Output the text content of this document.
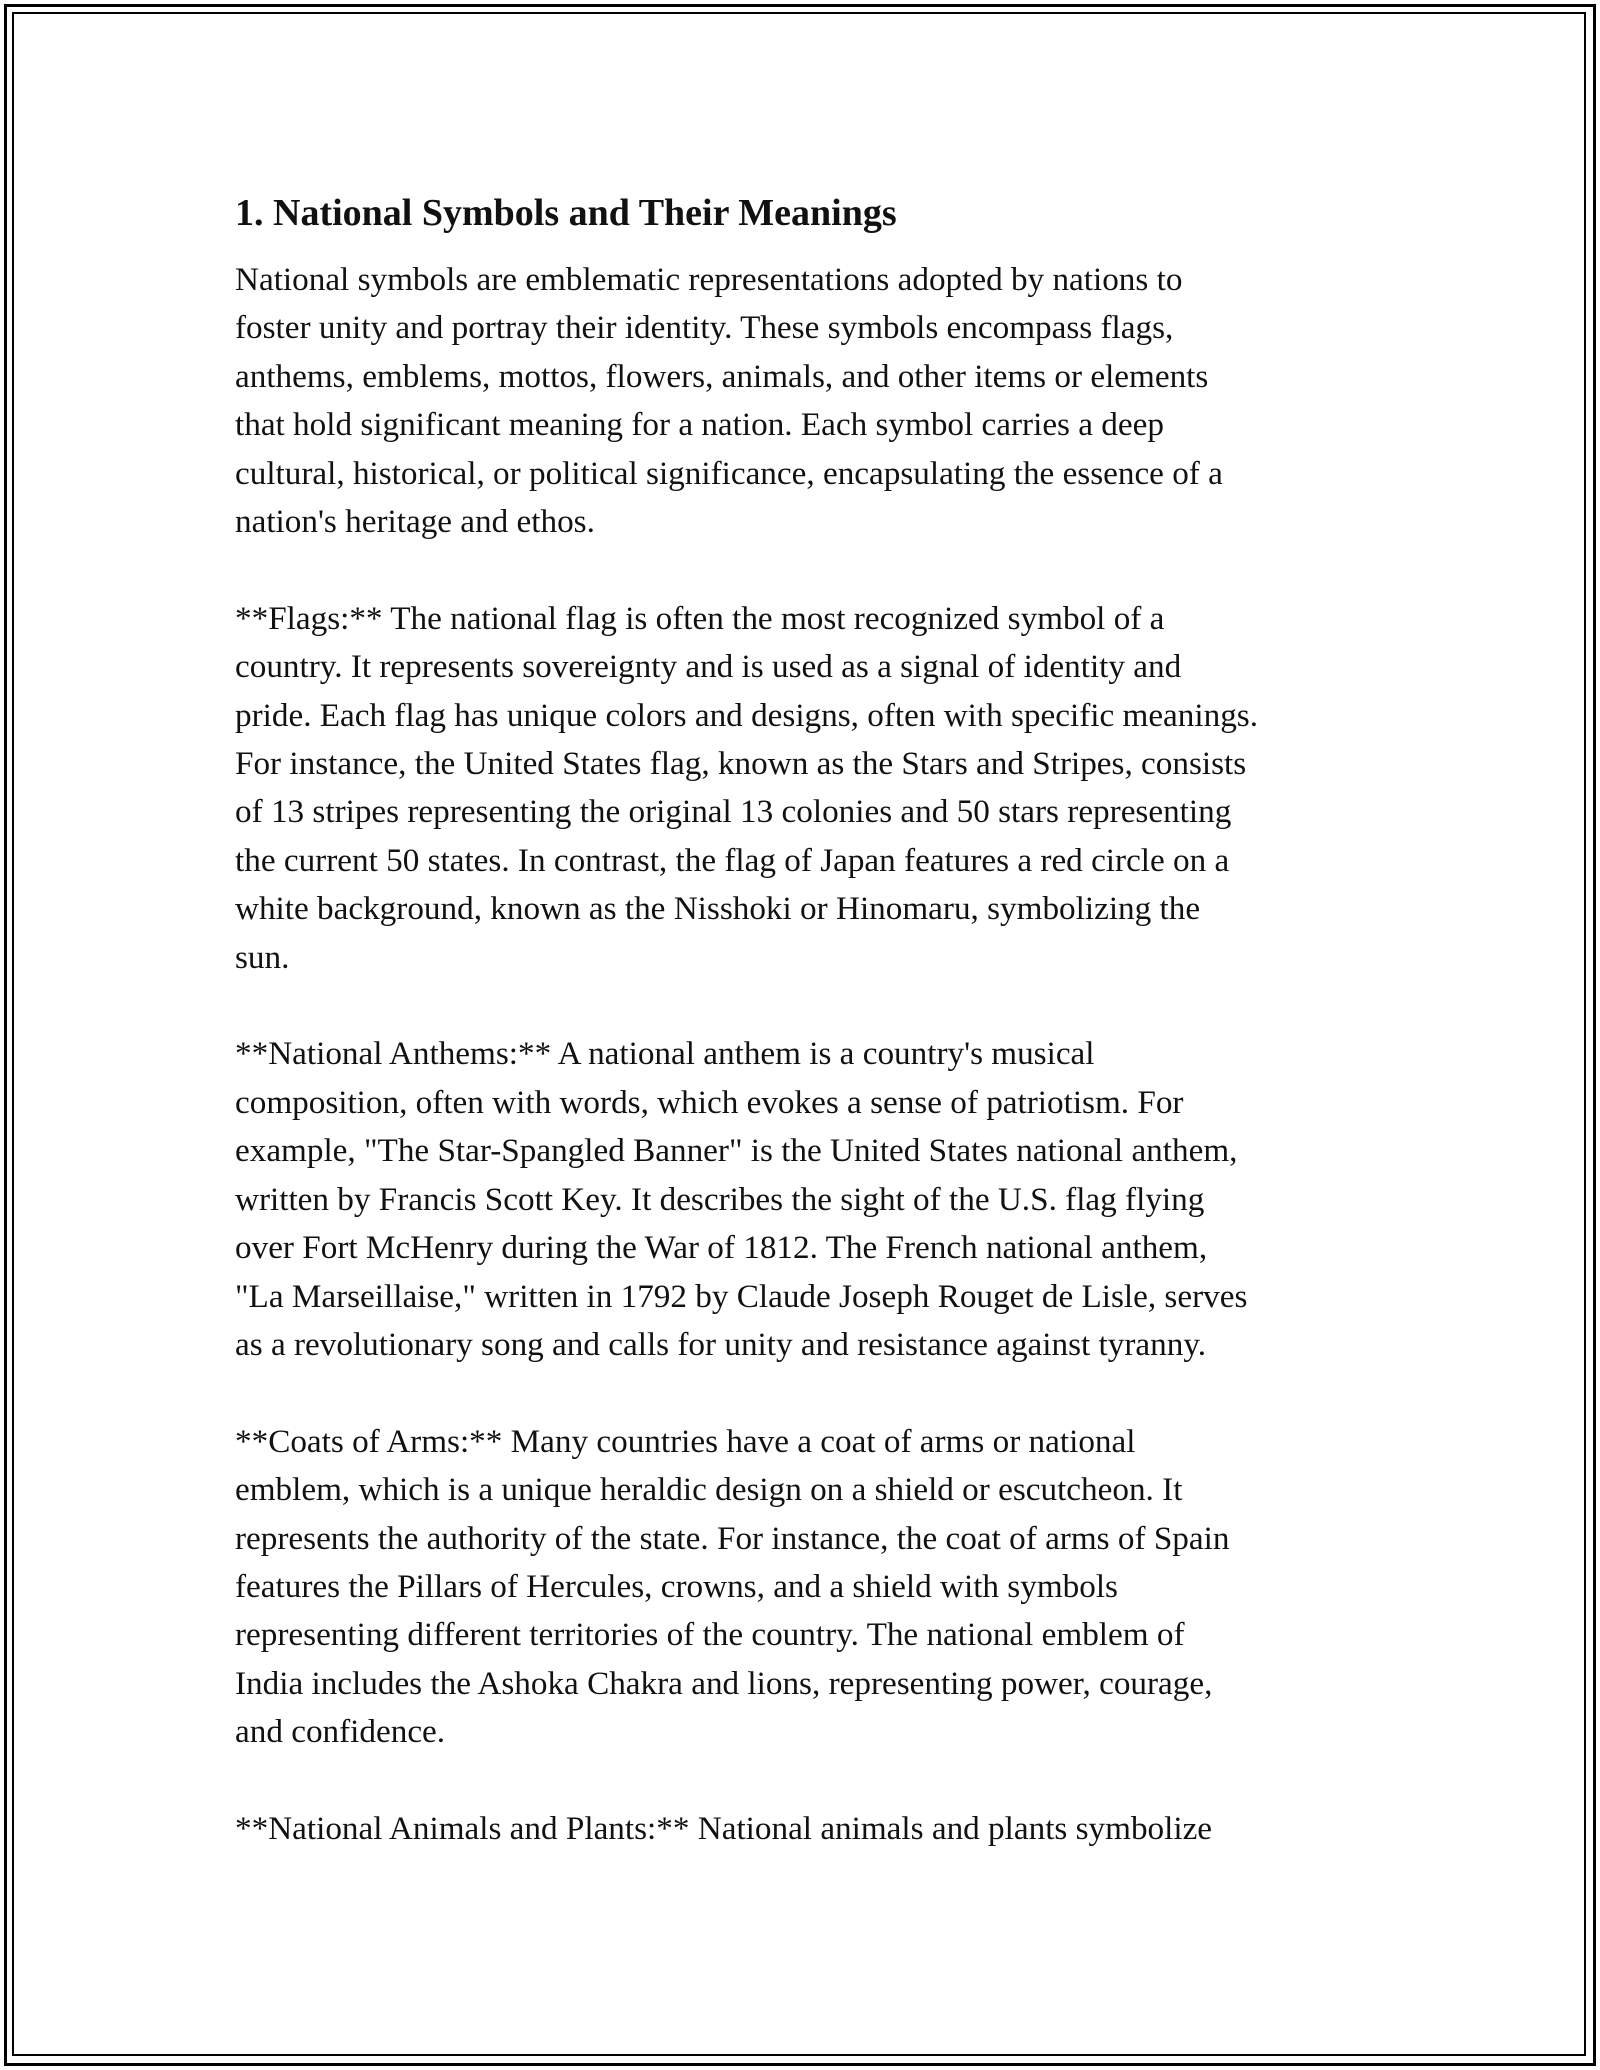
1. National Symbols and Their Meanings

National symbols are emblematic representations adopted by nations to
foster unity and portray their identity. These symbols encompass flags,
anthems, emblems, mottos, flowers, animals, and other items or elements
that hold significant meaning for a nation. Each symbol carries a deep
cultural, historical, or political significance, encapsulating the essence of a
nation's heritage and ethos.

**Flags:** The national flag is often the most recognized symbol of a
country. It represents sovereignty and is used as a signal of identity and
pride. Each flag has unique colors and designs, often with specific meanings.
For instance, the United States flag, known as the Stars and Stripes, consists
of 13 stripes representing the original 13 colonies and 50 stars representing
the current 50 states. In contrast, the flag of Japan features a red circle on a
white background, known as the Nisshoki or Hinomaru, symbolizing the
sun.

**National Anthems:** A national anthem is a country's musical
composition, often with words, which evokes a sense of patriotism. For
example, "The Star-Spangled Banner" is the United States national anthem,
written by Francis Scott Key. It describes the sight of the U.S. flag flying
over Fort McHenry during the War of 1812. The French national anthem,
"La Marseillaise," written in 1792 by Claude Joseph Rouget de Lisle, serves
as a revolutionary song and calls for unity and resistance against tyranny.

**Coats of Arms:** Many countries have a coat of arms or national
emblem, which is a unique heraldic design on a shield or escutcheon. It
represents the authority of the state. For instance, the coat of arms of Spain
features the Pillars of Hercules, crowns, and a shield with symbols
representing different territories of the country. The national emblem of
India includes the Ashoka Chakra and lions, representing power, courage,
and confidence.

**National Animals and Plants:** National animals and plants symbolize
